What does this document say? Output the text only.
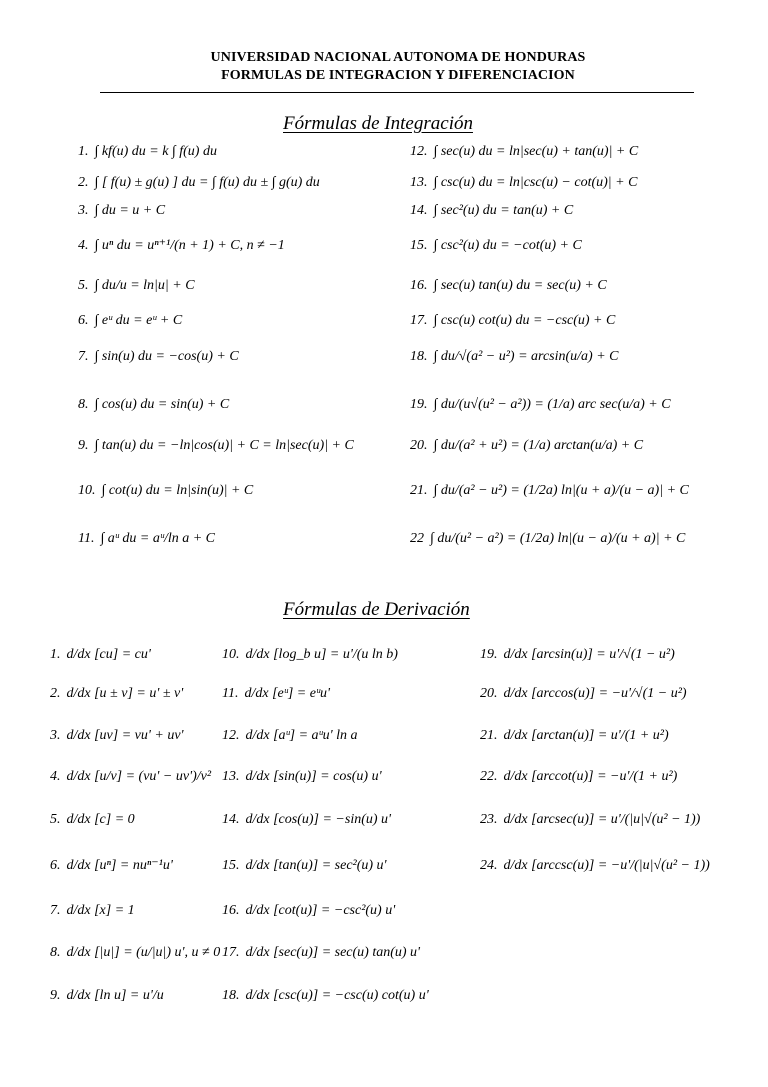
UNIVERSIDAD NACIONAL AUTONOMA DE HONDURAS
FORMULAS DE INTEGRACION Y DIFERENCIACION
Fórmulas de Integración
1. ∫ kf(u) du = k ∫ f(u) du
2. ∫ [ f(u) ± g(u) ] du = ∫ f(u) du ± ∫ g(u) du
3. ∫ du = u + C
4. ∫ uⁿ du = uⁿ⁺¹/(n + 1) + C, n ≠ −1
5. ∫ du/u = ln|u| + C
6. ∫ eᵘ du = eᵘ + C
7. ∫ sin(u) du = −cos(u) + C
8. ∫ cos(u) du = sin(u) + C
9. ∫ tan(u) du = −ln|cos(u)| + C = ln|sec(u)| + C
10. ∫ cot(u) du = ln|sin(u)| + C
11. ∫ aᵘ du = aᵘ/ln a + C
12. ∫ sec(u) du = ln|sec(u) + tan(u)| + C
13. ∫ csc(u) du = ln|csc(u) − cot(u)| + C
14. ∫ sec²(u) du = tan(u) + C
15. ∫ csc²(u) du = −cot(u) + C
16. ∫ sec(u) tan(u) du = sec(u) + C
17. ∫ csc(u) cot(u) du = −csc(u) + C
18. ∫ du/√(a² − u²) = arcsin(u/a) + C
19. ∫ du/(u√(u² − a²)) = (1/a) arc sec(u/a) + C
20. ∫ du/(a² + u²) = (1/a) arctan(u/a) + C
21. ∫ du/(a² − u²) = (1/2a) ln|(u + a)/(u − a)| + C
22 ∫ du/(u² − a²) = (1/2a) ln|(u − a)/(u + a)| + C
Fórmulas de Derivación
1. d/dx [cu] = cu'
2. d/dx [u ± v] = u' ± v'
3. d/dx [uv] = vu' + uv'
4. d/dx [u/v] = (vu' − uv')/v²
5. d/dx [c] = 0
6. d/dx [uⁿ] = nuⁿ⁻¹u'
7. d/dx [x] = 1
8. d/dx [|u|] = (u/|u|) u', u ≠ 0
9. d/dx [ln u] = u'/u
10. d/dx [log_b u] = u'/(u ln b)
11. d/dx [eᵘ] = eᵘu'
12. d/dx [aᵘ] = aᵘu' ln a
13. d/dx [sin(u)] = cos(u) u'
14. d/dx [cos(u)] = −sin(u) u'
15. d/dx [tan(u)] = sec²(u) u'
16. d/dx [cot(u)] = −csc²(u) u'
17. d/dx [sec(u)] = sec(u) tan(u) u'
18. d/dx [csc(u)] = −csc(u) cot(u) u'
19. d/dx [arcsin(u)] = u'/√(1 − u²)
20. d/dx [arccos(u)] = −u'/√(1 − u²)
21. d/dx [arctan(u)] = u'/(1 + u²)
22. d/dx [arccot(u)] = −u'/(1 + u²)
23. d/dx [arcsec(u)] = u'/(|u|√(u² − 1))
24. d/dx [arccsc(u)] = −u'/(|u|√(u² − 1))
